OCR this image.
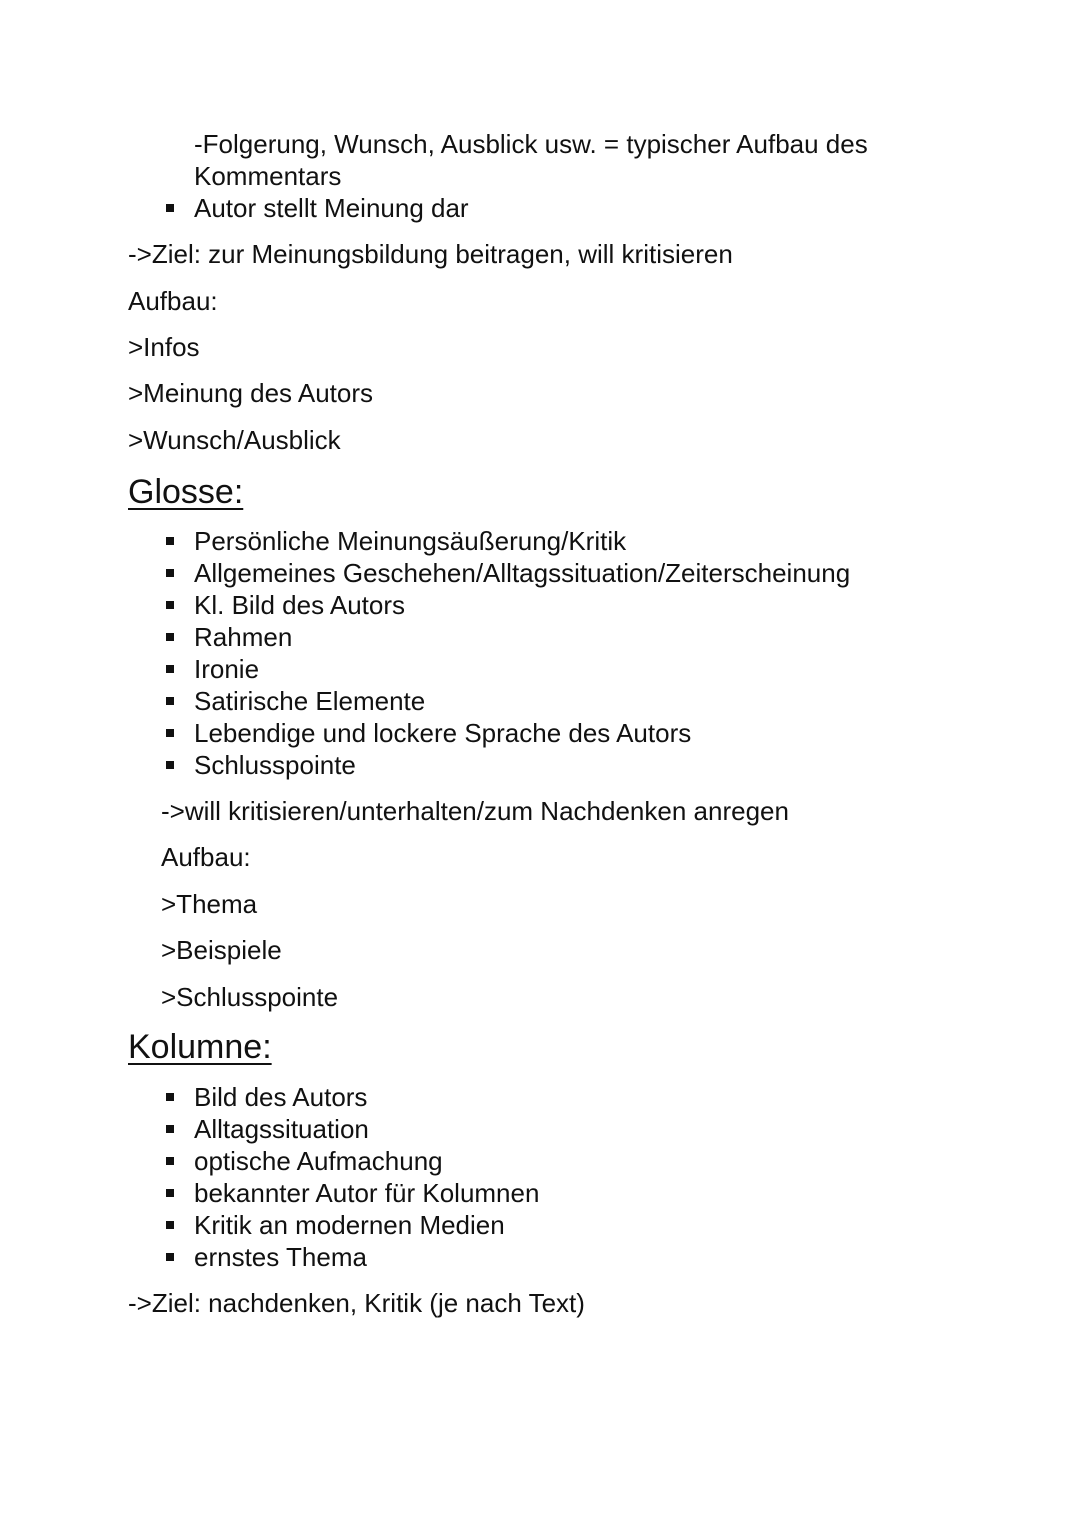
-Folgerung, Wunsch, Ausblick usw. = typischer Aufbau des
Kommentars
Autor stellt Meinung dar
->Ziel: zur Meinungsbildung beitragen, will kritisieren
Aufbau:
>Infos
>Meinung des Autors
>Wunsch/Ausblick
Glosse:
Persönliche Meinungsäußerung/Kritik
Allgemeines Geschehen/Alltagssituation/Zeiterscheinung
Kl. Bild des Autors
Rahmen
Ironie
Satirische Elemente
Lebendige und lockere Sprache des Autors
Schlusspointe
->will kritisieren/unterhalten/zum Nachdenken anregen
Aufbau:
>Thema
>Beispiele
>Schlusspointe
Kolumne:
Bild des Autors
Alltagssituation
optische Aufmachung
bekannter Autor für Kolumnen
Kritik an modernen Medien
ernstes Thema
->Ziel: nachdenken, Kritik (je nach Text)
